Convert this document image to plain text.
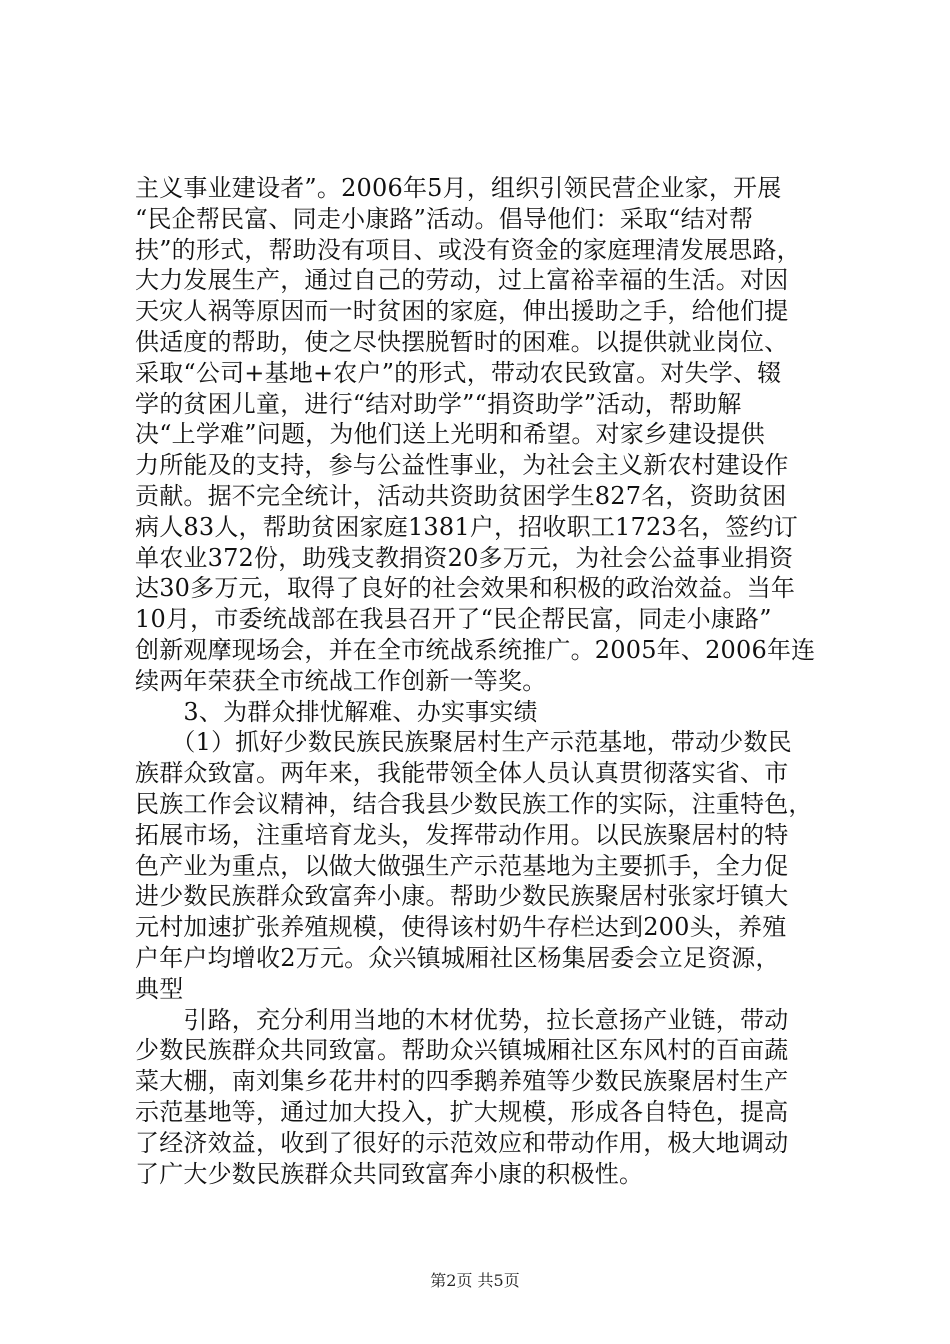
主义事业建设者”。2006年5月，组织引领民营企业家，开展
“民企帮民富、同走小康路”活动。倡导他们：采取“结对帮
扶”的形式，帮助没有项目、或没有资金的家庭理清发展思路，
大力发展生产，通过自己的劳动，过上富裕幸福的生活。对因
天灾人祸等原因而一时贫困的家庭，伸出援助之手，给他们提
供适度的帮助，使之尽快摆脱暂时的困难。以提供就业岗位、
采取“公司+基地+农户”的形式，带动农民致富。对失学、辍
学的贫困儿童，进行“结对助学”“捐资助学”活动，帮助解
决“上学难”问题，为他们送上光明和希望。对家乡建设提供
力所能及的支持，参与公益性事业，为社会主义新农村建设作
贡献。据不完全统计，活动共资助贫困学生827名，资助贫困
病人83人，帮助贫困家庭1381户，招收职工1723名，签约订
单农业372份，助残支教捐资20多万元，为社会公益事业捐资
达30多万元，取得了良好的社会效果和积极的政治效益。当年
10月，市委统战部在我县召开了“民企帮民富，同走小康路”
创新观摩现场会，并在全市统战系统推广。2005年、2006年连
续两年荣获全市统战工作创新一等奖。
　　3、为群众排忧解难、办实事实绩
　　（1）抓好少数民族民族聚居村生产示范基地，带动少数民
族群众致富。两年来，我能带领全体人员认真贯彻落实省、市
民族工作会议精神，结合我县少数民族工作的实际，注重特色，
拓展市场，注重培育龙头，发挥带动作用。以民族聚居村的特
色产业为重点，以做大做强生产示范基地为主要抓手，全力促
进少数民族群众致富奔小康。帮助少数民族聚居村张家圩镇大
元村加速扩张养殖规模，使得该村奶牛存栏达到200头，养殖
户年户均增收2万元。众兴镇城厢社区杨集居委会立足资源，
典型
　　引路，充分利用当地的木材优势，拉长意扬产业链，带动
少数民族群众共同致富。帮助众兴镇城厢社区东风村的百亩蔬
菜大棚，南刘集乡花井村的四季鹅养殖等少数民族聚居村生产
示范基地等，通过加大投入，扩大规模，形成各自特色，提高
了经济效益，收到了很好的示范效应和带动作用，极大地调动
了广大少数民族群众共同致富奔小康的积极性。
第2页 共5页
